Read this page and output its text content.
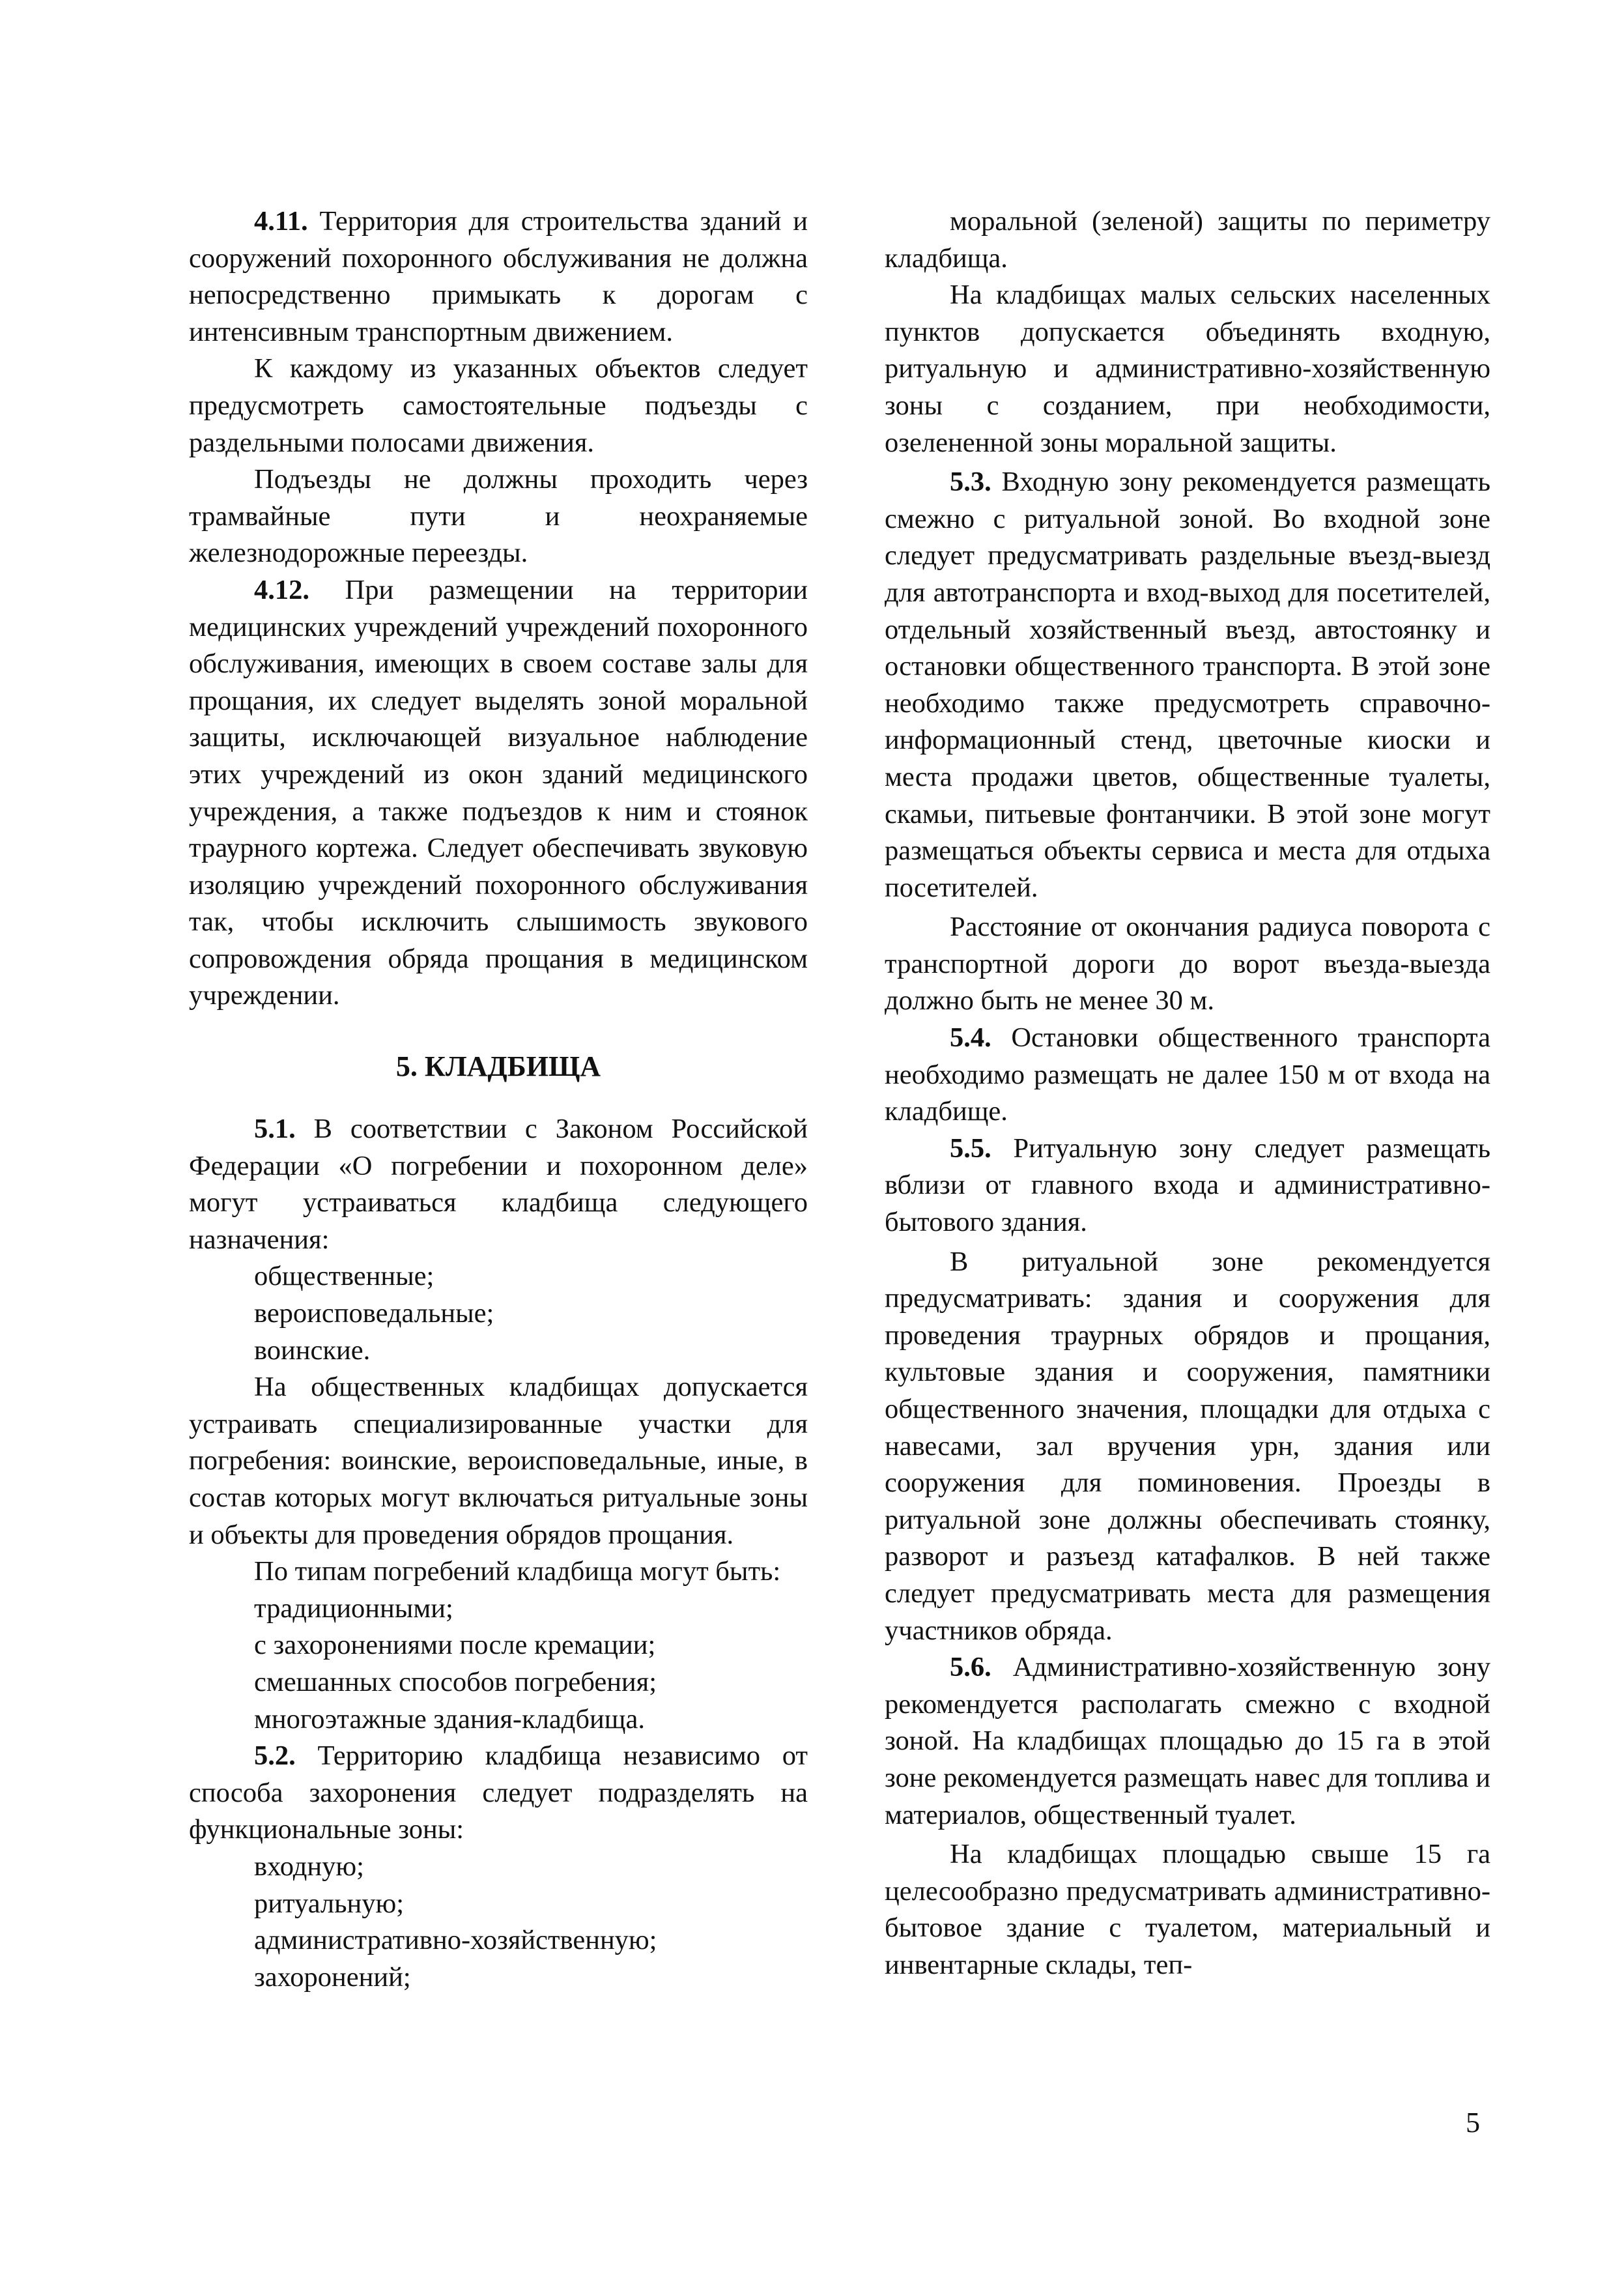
4.11. Территория для строительства зданий и сооружений похоронного обслуживания не должна непосредственно примыкать к дорогам с интенсивным транспортным движением.

К каждому из указанных объектов следует предусмотреть самостоятельные подъезды с раздельными полосами движения.

Подъезды не должны проходить через трамвайные пути и неохраняемые железнодорожные переезды.

4.12. При размещении на территории медицинских учреждений учреждений похоронного обслуживания, имеющих в своем составе залы для прощания, их следует выделять зоной моральной защиты, исключающей визуальное наблюдение этих учреждений из окон зданий медицинского учреждения, а также подъездов к ним и стоянок траурного кортежа. Следует обеспечивать звуковую изоляцию учреждений похоронного обслуживания так, чтобы исключить слышимость звукового сопровождения обряда прощания в медицинском учреждении.

5. КЛАДБИЩА

5.1. В соответствии с Законом Российской Федерации «О погребении и похоронном деле» могут устраиваться кладбища следующего назначения:

общественные;

вероисповедальные;

воинские.

На общественных кладбищах допускается устраивать специализированные участки для погребения: воинские, вероисповедальные, иные, в состав которых могут включаться ритуальные зоны и объекты для проведения обрядов прощания.

По типам погребений кладбища могут быть:

традиционными;

с захоронениями после кремации;

смешанных способов погребения;

многоэтажные здания-кладбища.

5.2. Территорию кладбища независимо от способа захоронения следует подразделять на функциональные зоны:

входную;

ритуальную;

административно-хозяйственную;

захоронений;

моральной (зеленой) защиты по периметру кладбища.

На кладбищах малых сельских населенных пунктов допускается объединять входную, ритуальную и административно-хозяйственную зоны с созданием, при необходимости, озелененной зоны моральной защиты.

5.3. Входную зону рекомендуется размещать смежно с ритуальной зоной. Во входной зоне следует предусматривать раздельные въезд-выезд для автотранспорта и вход-выход для посетителей, отдельный хозяйственный въезд, автостоянку и остановки общественного транспорта. В этой зоне необходимо также предусмотреть справочно-информационный стенд, цветочные киоски и места продажи цветов, общественные туалеты, скамьи, питьевые фонтанчики. В этой зоне могут размещаться объекты сервиса и места для отдыха посетителей.

Расстояние от окончания радиуса поворота с транспортной дороги до ворот въезда-выезда должно быть не менее 30 м.

5.4. Остановки общественного транспорта необходимо размещать не далее 150 м от входа на кладбище.

5.5. Ритуальную зону следует размещать вблизи от главного входа и административно-бытового здания.

В ритуальной зоне рекомендуется предусматривать: здания и сооружения для проведения траурных обрядов и прощания, культовые здания и сооружения, памятники общественного значения, площадки для отдыха с навесами, зал вручения урн, здания или сооружения для поминовения. Проезды в ритуальной зоне должны обеспечивать стоянку, разворот и разъезд катафалков. В ней также следует предусматривать места для размещения участников обряда.

5.6. Административно-хозяйственную зону рекомендуется располагать смежно с входной зоной. На кладбищах площадью до 15 га в этой зоне рекомендуется размещать навес для топлива и материалов, общественный туалет.

На кладбищах площадью свыше 15 га целесообразно предусматривать административно-бытовое здание с туалетом, материальный и инвентарные склады, теп-

5
